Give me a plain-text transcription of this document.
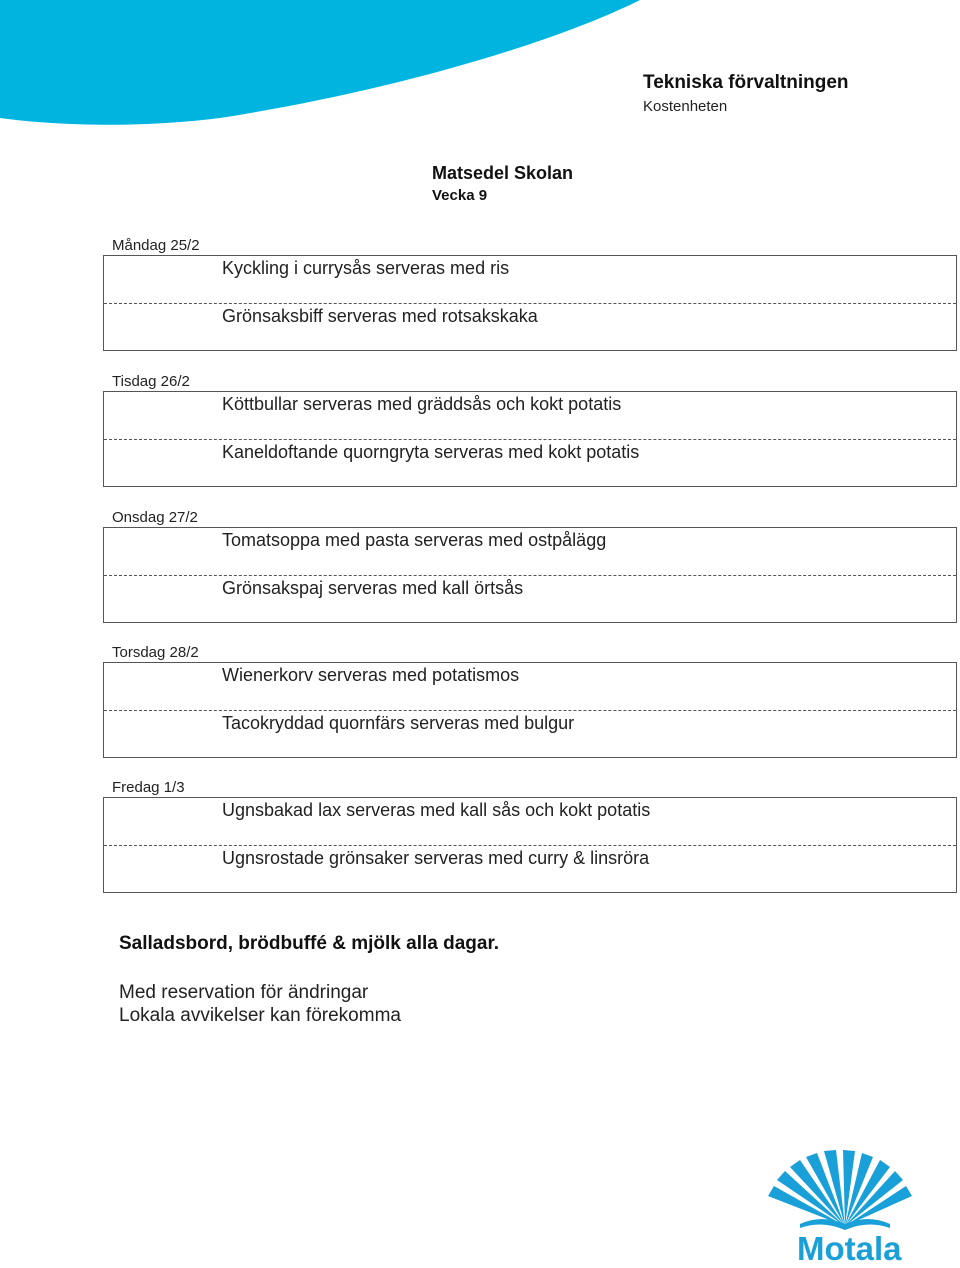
Tekniska förvaltningen
Kostenheten
Matsedel Skolan
Vecka 9
Måndag 25/2
Kyckling i currysås serveras med ris
Grönsaksbiff serveras med rotsakskaka
Tisdag 26/2
Köttbullar serveras med gräddsås och kokt potatis
Kaneldoftande quorngryta serveras med kokt potatis
Onsdag 27/2
Tomatsoppa med pasta serveras med ostpålägg
Grönsakspaj serveras med kall örtsås
Torsdag 28/2
Wienerkorv serveras med potatismos
Tacokryddad quornfärs serveras med bulgur
Fredag 1/3
Ugnsbakad lax serveras med kall sås och kokt potatis
Ugnsrostade grönsaker serveras med curry & linsröra
Salladsbord, brödbuffé & mjölk alla dagar.
Med reservation för ändringar
Lokala avvikelser kan förekomma
Motala
